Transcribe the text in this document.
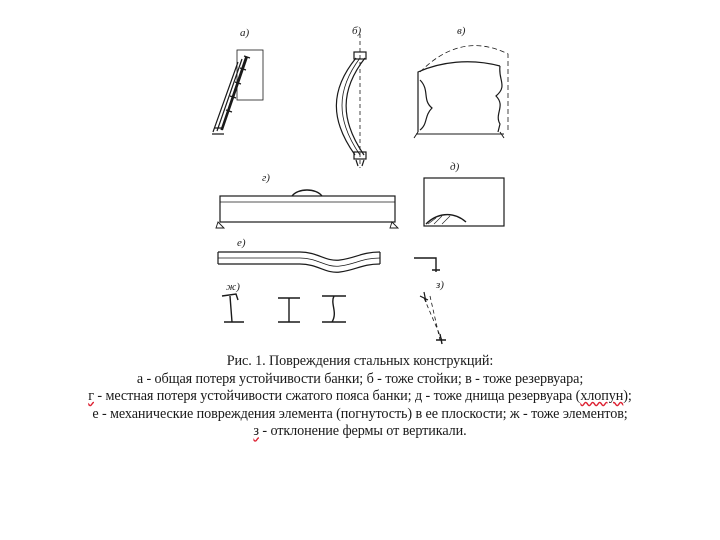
а)	б)	в)
г)
д)
е)
ж)	з)
Рис. 1. Повреждения стальных конструкций:
а - общая потеря устойчивости банки; б - тоже стойки; в - тоже резервуара;
г - местная потеря устойчивости сжатого пояса банки; д - тоже днища резервуара (хлопун);
е - механические повреждения элемента (погнутость) в ее плоскости; ж - тоже элементов;
з - отклонение фермы от вертикали.
